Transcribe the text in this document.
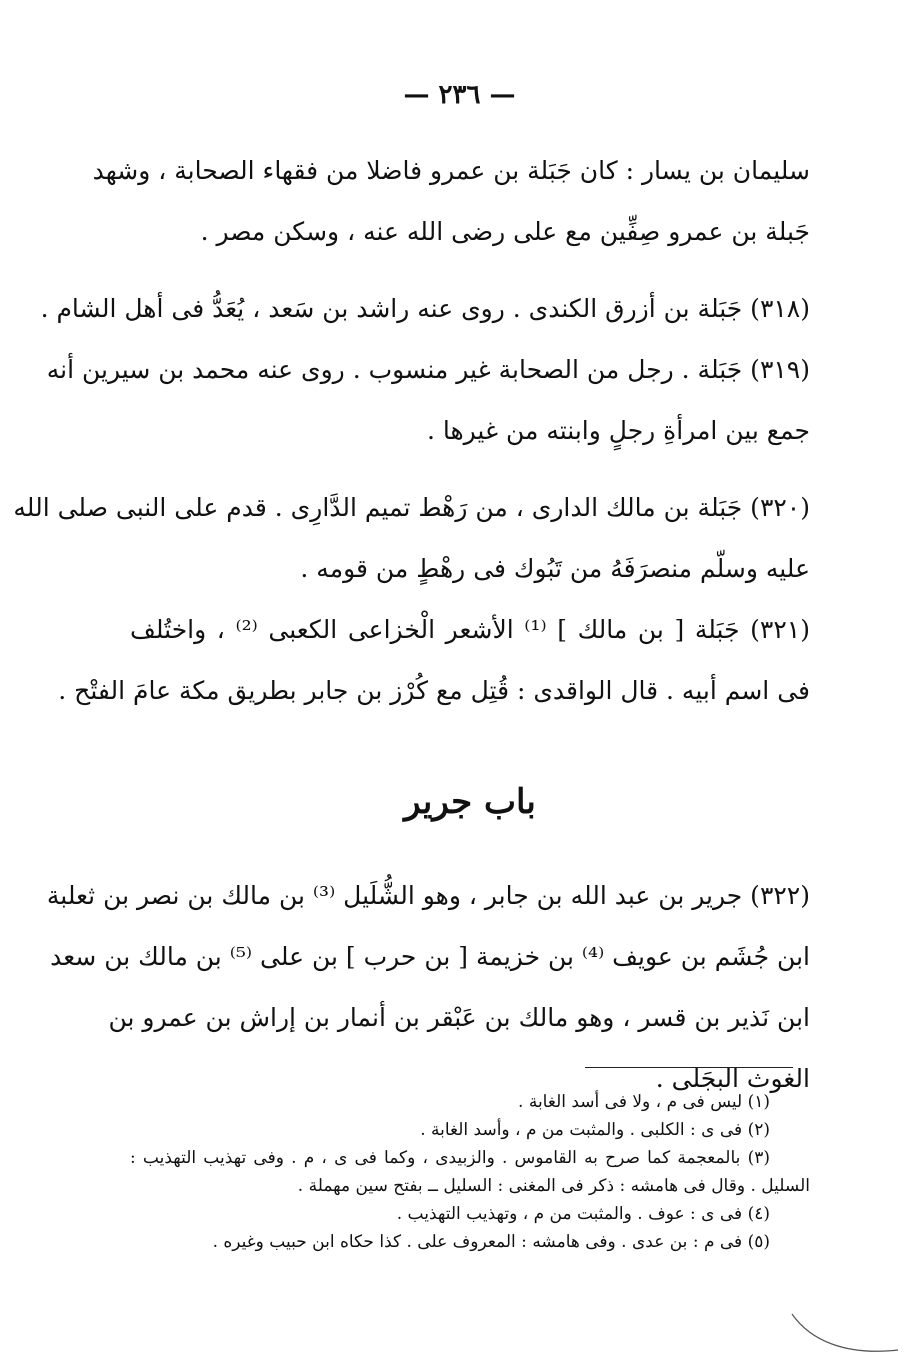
— ٢٣٦ —

سليمان بن يسار : كان جَبَلة بن عمرو فاضلا من فقهاء الصحابة ، وشهد
جَبلة بن عمرو صِفِّين مع على رضى الله عنه ، وسكن مصر .

(٣١٨) جَبَلة بن أزرق الكندى . روى عنه راشد بن سَعد ، يُعَدُّ فى أهل الشام .

(٣١٩) جَبَلة . رجل من الصحابة غير منسوب . روى عنه محمد بن سيرين أنه
جمع بين امرأةِ رجلٍ وابنته من غيرها .

(٣٢٠) جَبَلة بن مالك الدارى ، من رَهْط تميم الدَّارِى . قدم على النبى صلى الله
عليه وسلّم منصرَفَهُ من تَبُوك فى رهْطٍ من قومه .

(٣٢١) جَبَلة [ بن مالك ] ⁽¹⁾ الأشعر الْخزاعى الكعبى ⁽²⁾ ، واختُلف
فى اسم أبيه . قال الواقدى : قُتِل مع كُرْز بن جابر بطريق مكة عامَ الفتْح .

باب جرير

(٣٢٢) جرير بن عبد الله بن جابر ، وهو الشُّلَيل ⁽³⁾ بن مالك بن نصر بن ثعلبة
ابن جُشَم بن عويف ⁽⁴⁾ بن خزيمة [ بن حرب ] بن على ⁽⁵⁾ بن مالك بن سعد
ابن نَذير بن قسر ، وهو مالك بن عَبْقر بن أنمار بن إراش بن عمرو بن
الغوث البجَلى .

(١) ليس فى م ، ولا فى أسد الغابة .
(٢) فى ى : الكلبى . والمثبت من م ، وأسد الغابة .
(٣) بالمعجمة كما صرح به القاموس . والزبيدى ، وكما فى ى ، م . وفى تهذيب التهذيب :
السليل . وقال فى هامشه : ذكر فى المغنى : السليل ــ بفتح سين مهملة .
(٤) فى ى : عوف . والمثبت من م ، وتهذيب التهذيب .
(٥) فى م : بن عدى . وفى هامشه : المعروف على . كذا حكاه ابن حبيب وغيره .
